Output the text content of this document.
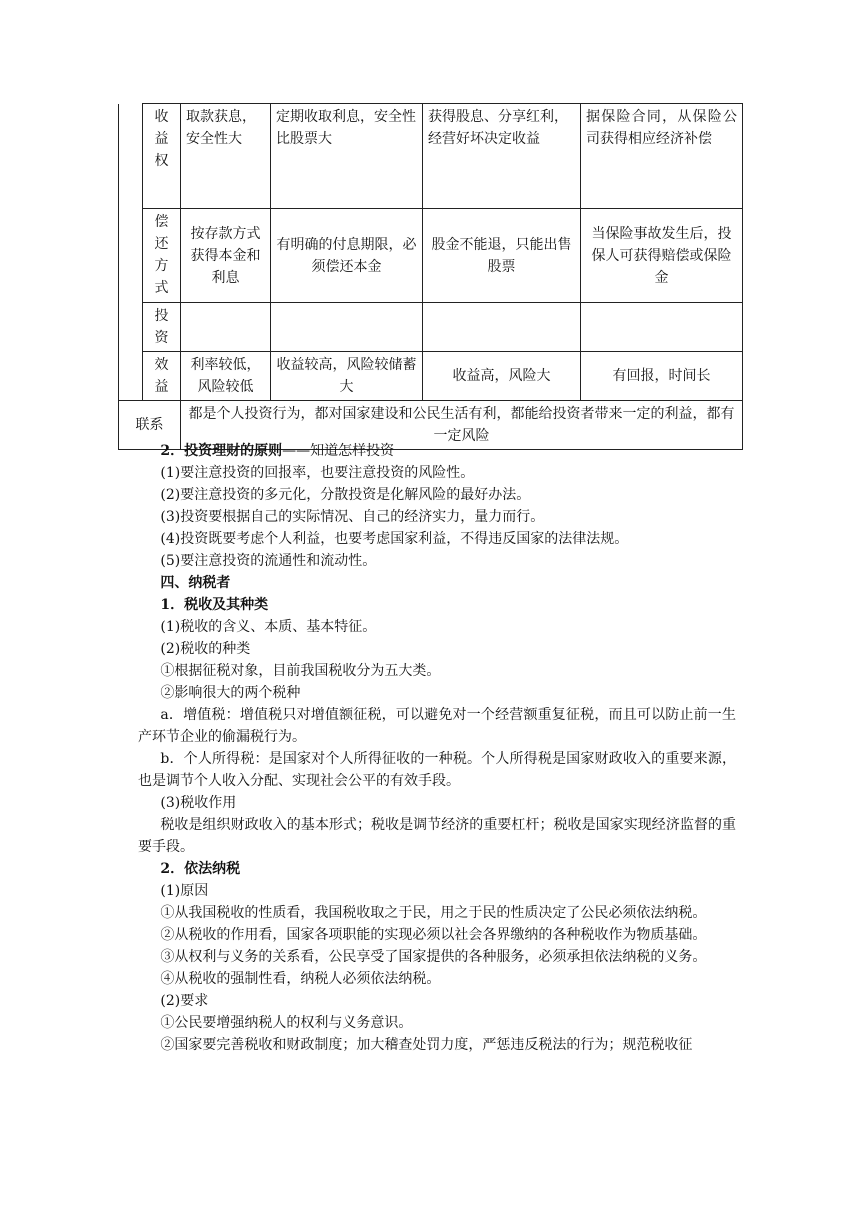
	收益权	取款获息，安全性大	定期收取利息，安全性比股票大	获得股息、分享红利，经营好坏决定收益	据保险合同，从保险公司获得相应经济补偿

	偿还方式	按存款方式获得本金和利息	有明确的付息期限，必须偿还本金	股金不能退，只能出售股票	当保险事故发生后，投保人可获得赔偿或保险金

	投资				

	效益	利率较低，风险较低	收益较高，风险较储蓄大	收益高，风险大	有回报，时间长
联系		都是个人投资行为，都对国家建设和公民生活有利，都能给投资者带来一定的利益，都有一定风险			

2．投资理财的原则——知道怎样投资

(1)要注意投资的回报率，也要注意投资的风险性。

(2)要注意投资的多元化，分散投资是化解风险的最好办法。

(3)投资要根据自己的实际情况、自己的经济实力，量力而行。

(4)投资既要考虑个人利益，也要考虑国家利益，不得违反国家的法律法规。

(5)要注意投资的流通性和流动性。

四、纳税者

1．税收及其种类

(1)税收的含义、本质、基本特征。

(2)税收的种类

①根据征税对象，目前我国税收分为五大类。

②影响很大的两个税种

a．增值税：增值税只对增值额征税，可以避免对一个经营额重复征税，而且可以防止前一生产环节企业的偷漏税行为。

b．个人所得税：是国家对个人所得征收的一种税。个人所得税是国家财政收入的重要来源，也是调节个人收入分配、实现社会公平的有效手段。

(3)税收作用

税收是组织财政收入的基本形式；税收是调节经济的重要杠杆；税收是国家实现经济监督的重要手段。

2．依法纳税

(1)原因

①从我国税收的性质看，我国税收取之于民，用之于民的性质决定了公民必须依法纳税。

②从税收的作用看，国家各项职能的实现必须以社会各界缴纳的各种税收作为物质基础。

③从权利与义务的关系看，公民享受了国家提供的各种服务，必须承担依法纳税的义务。

④从税收的强制性看，纳税人必须依法纳税。

(2)要求

①公民要增强纳税人的权利与义务意识。

②国家要完善税收和财政制度；加大稽查处罚力度，严惩违反税法的行为；规范税收征
